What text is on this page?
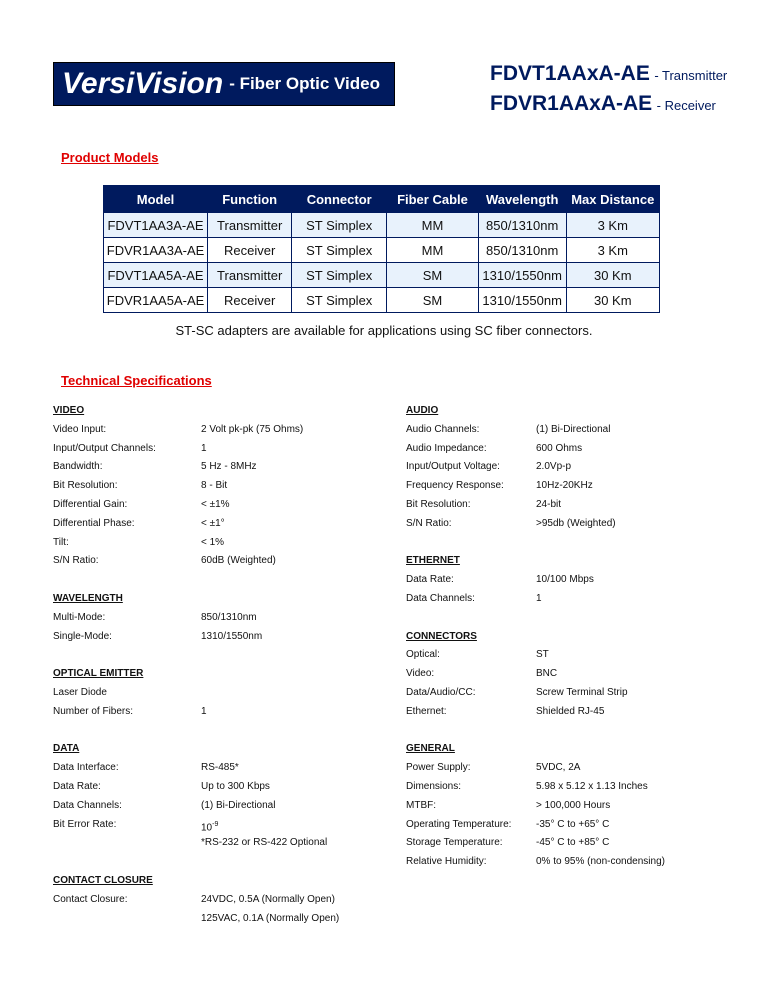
VersiVision - Fiber Optic Video	FDVT1AAxA-AE - Transmitter
FDVR1AAxA-AE - Receiver
Product Models
Model	Function	Connector	Fiber Cable	Wavelength	Max Distance
FDVT1AA3A-AE	Transmitter	ST Simplex	MM	850/1310nm	3 Km
FDVR1AA3A-AE	Receiver	ST Simplex	MM	850/1310nm	3 Km
FDVT1AA5A-AE	Transmitter	ST Simplex	SM	1310/1550nm	30 Km
FDVR1AA5A-AE	Receiver	ST Simplex	SM	1310/1550nm	30 Km
ST-SC adapters are available for applications using SC fiber connectors.
Technical Specifications
VIDEO
Video Input:	2 Volt pk-pk (75 Ohms)
Input/Output Channels:	1
Bandwidth:	5 Hz - 8MHz
Bit Resolution:	8 - Bit
Differential Gain:	< ±1%
Differential Phase:	< ±1°
Tilt:	< 1%
S/N Ratio:	60dB (Weighted)
WAVELENGTH
Multi-Mode:	850/1310nm
Single-Mode:	1310/1550nm
OPTICAL EMITTER
Laser Diode
Number of Fibers:	1
DATA
Data Interface:	RS-485*
Data Rate:	Up to 300 Kbps
Data Channels:	(1) Bi-Directional
Bit Error Rate:	$10^{-9}$
*RS-232 or RS-422 Optional
CONTACT CLOSURE
Contact Closure:	24VDC, 0.5A (Normally Open)
125VAC, 0.1A (Normally Open)
AUDIO
Audio Channels:	(1) Bi-Directional
Audio Impedance:	600 Ohms
Input/Output Voltage:	2.0Vp-p
Frequency Response:	10Hz-20KHz
Bit Resolution:	24-bit
S/N Ratio:	>95db (Weighted)
ETHERNET
Data Rate:	10/100 Mbps
Data Channels:	1
CONNECTORS
Optical:	ST
Video:	BNC
Data/Audio/CC:	Screw Terminal Strip
Ethernet:	Shielded RJ-45
GENERAL
Power Supply:	5VDC, 2A
Dimensions:	5.98 x 5.12 x 1.13 Inches
MTBF:	> 100,000 Hours
Operating Temperature:	-35° C to +65° C
Storage Temperature:	-45° C to +85° C
Relative Humidity:	0% to 95% (non-condensing)
